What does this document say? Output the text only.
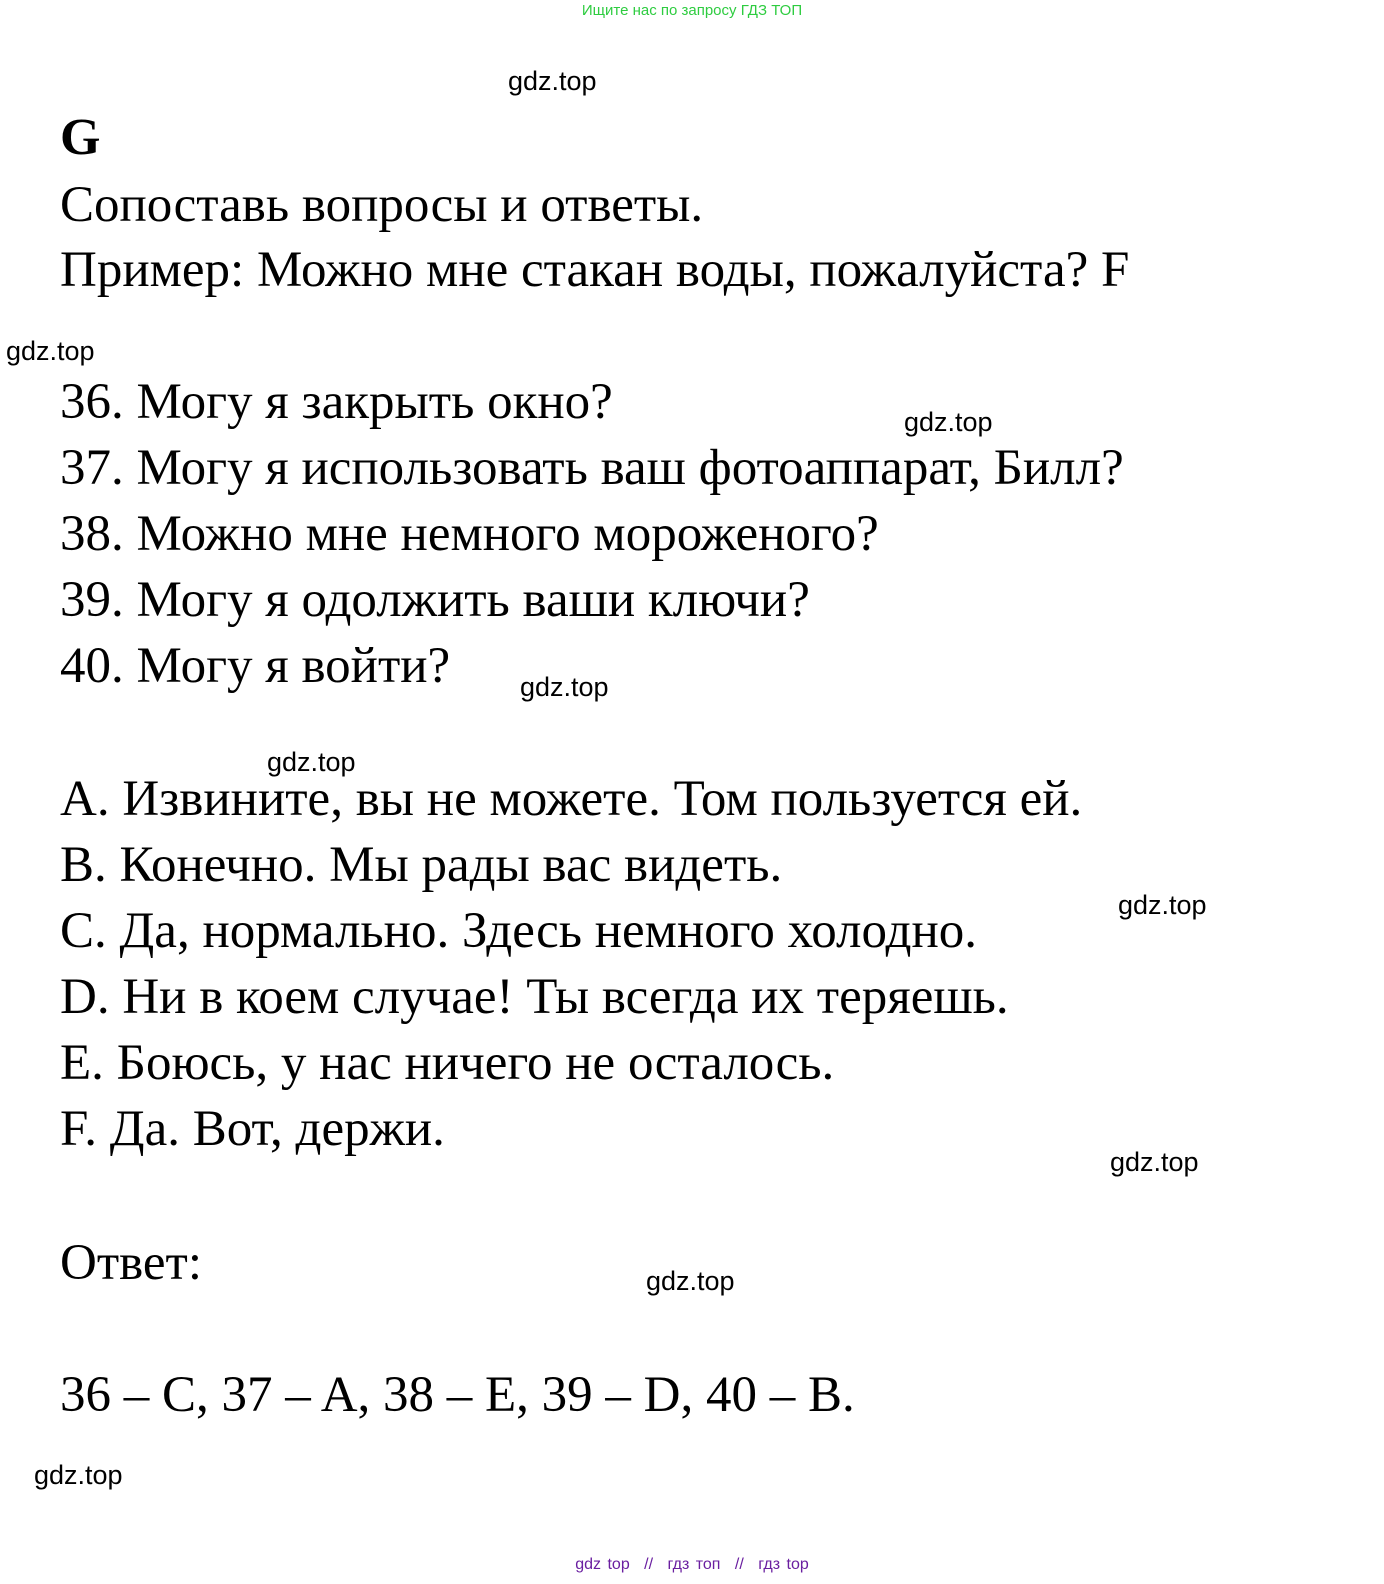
Ищите нас по запросу ГДЗ ТОП
gdz.top
gdz.top
gdz.top
gdz.top
gdz.top
gdz.top
gdz.top
gdz.top
gdz.top
G
Сопоставь вопросы и ответы.
Пример: Можно мне стакан воды, пожалуйста? F
36. Могу я закрыть окно?
37. Могу я использовать ваш фотоаппарат, Билл?
38. Можно мне немного мороженого?
39. Могу я одолжить ваши ключи?
40. Могу я войти?
A. Извините, вы не можете. Том пользуется ей.
B. Конечно. Мы рады вас видеть.
C. Да, нормально. Здесь немного холодно.
D. Ни в коем случае! Ты всегда их теряешь.
E. Боюсь, у нас ничего не осталось.
F. Да. Вот, держи.
Ответ:
36 – C, 37 – A, 38 – E, 39 – D, 40 – B.
gdz top // гдз топ // гдз top
